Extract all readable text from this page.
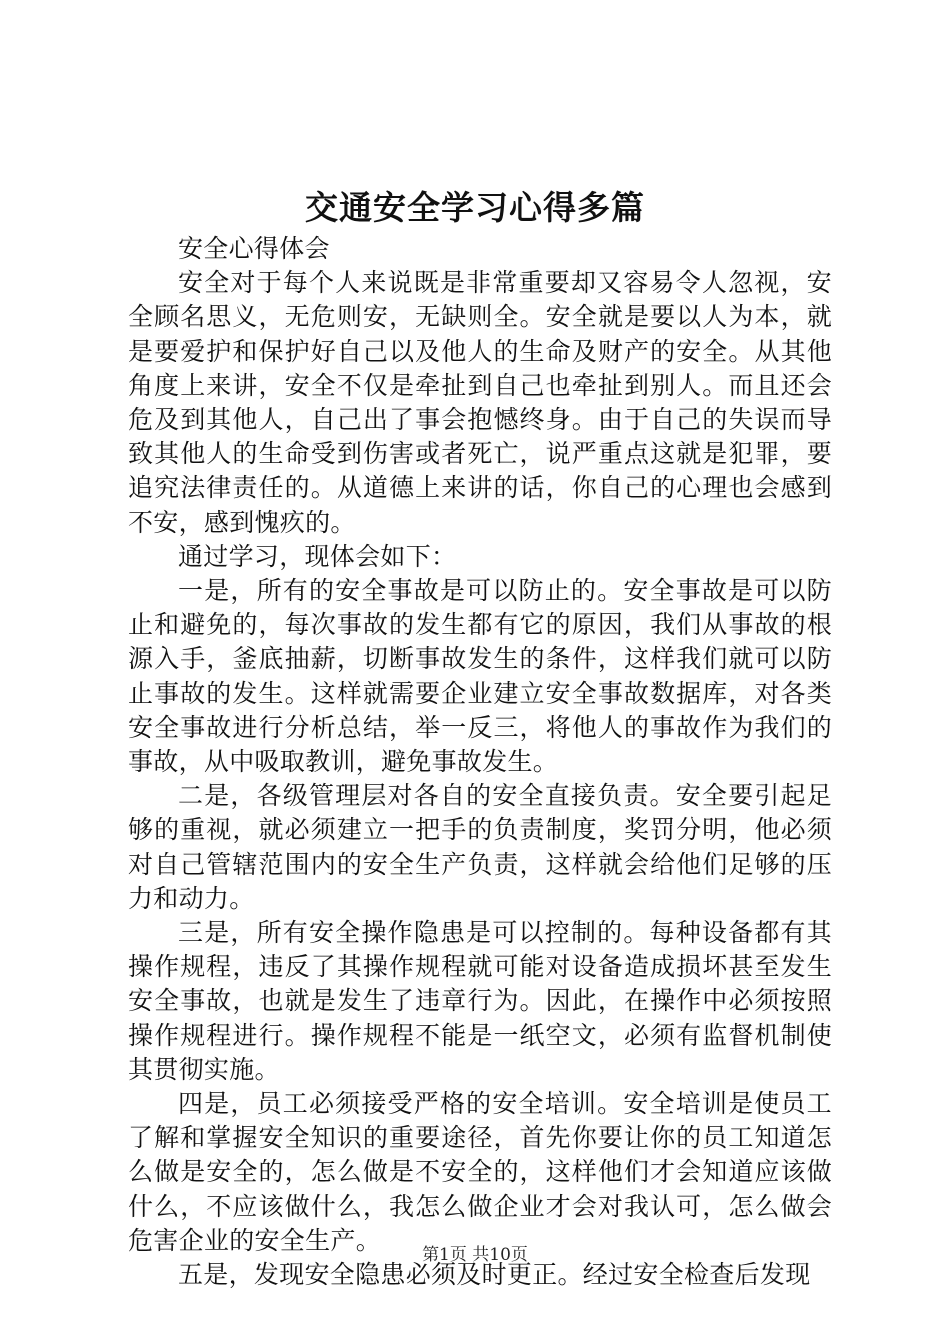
交通安全学习心得多篇

安全心得体会

安全对于每个人来说既是非常重要却又容易令人忽视，安全顾名思义，无危则安，无缺则全。安全就是要以人为本，就是要爱护和保护好自己以及他人的生命及财产的安全。从其他角度上来讲，安全不仅是牵扯到自己也牵扯到别人。而且还会危及到其他人，自己出了事会抱憾终身。由于自己的失误而导致其他人的生命受到伤害或者死亡，说严重点这就是犯罪，要追究法律责任的。从道德上来讲的话，你自己的心理也会感到不安，感到愧疚的。

通过学习，现体会如下：

一是，所有的安全事故是可以防止的。安全事故是可以防止和避免的，每次事故的发生都有它的原因，我们从事故的根源入手，釜底抽薪，切断事故发生的条件，这样我们就可以防止事故的发生。这样就需要企业建立安全事故数据库，对各类安全事故进行分析总结，举一反三，将他人的事故作为我们的事故，从中吸取教训，避免事故发生。

二是，各级管理层对各自的安全直接负责。安全要引起足够的重视，就必须建立一把手的负责制度，奖罚分明，他必须对自己管辖范围内的安全生产负责，这样就会给他们足够的压力和动力。

三是，所有安全操作隐患是可以控制的。每种设备都有其操作规程，违反了其操作规程就可能对设备造成损坏甚至发生安全事故，也就是发生了违章行为。因此，在操作中必须按照操作规程进行。操作规程不能是一纸空文，必须有监督机制使其贯彻实施。

四是，员工必须接受严格的安全培训。安全培训是使员工了解和掌握安全知识的重要途径，首先你要让你的员工知道怎么做是安全的，怎么做是不安全的，这样他们才会知道应该做什么，不应该做什么，我怎么做企业才会对我认可，怎么做会危害企业的安全生产。

五是，发现安全隐患必须及时更正。经过安全检查后发现

第1页 共10页
